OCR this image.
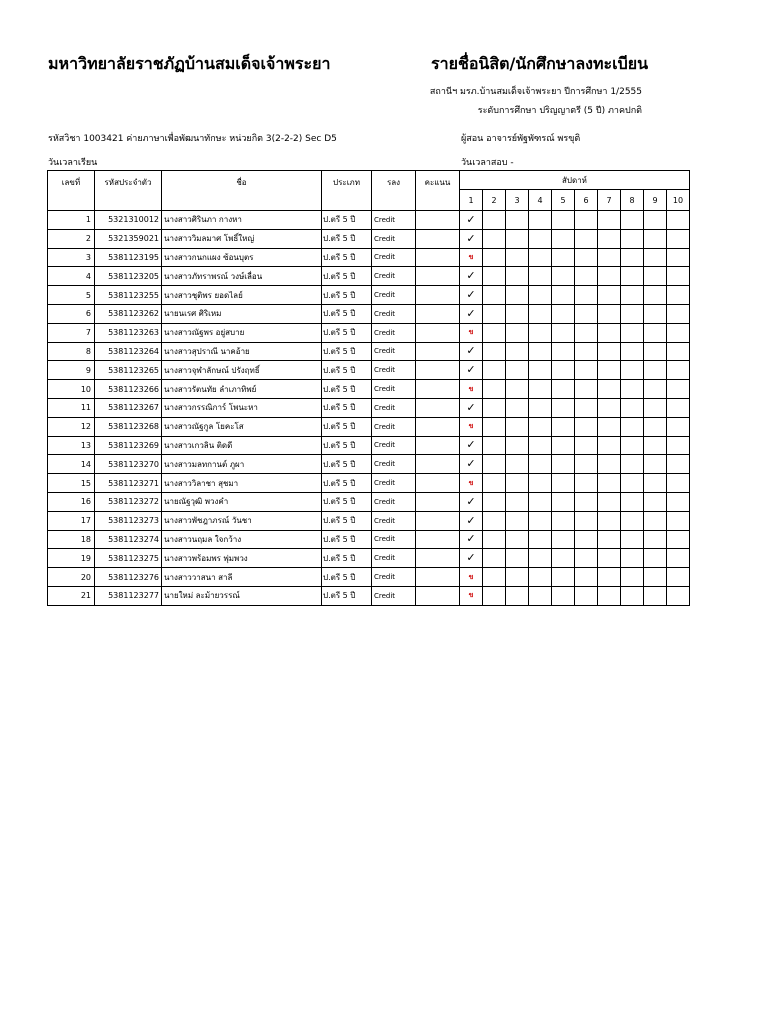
มหาวิทยาลัยราชภัฏบ้านสมเด็จเจ้าพระยา	รายชื่อนิสิต/นักศึกษาลงทะเบียน
สถานีฯ มรภ.บ้านสมเด็จเจ้าพระยา ปีการศึกษา 1/2555
ระดับการศึกษา ปริญญาตรี (5 ปี) ภาคปกติ
รหัสวิชา 1003421 ค่ายภาษาเพื่อพัฒนาทักษะ หน่วยกิต 3(2-2-2) Sec D5	ผู้สอน อาจารย์พัฐพัฑรณ์ พรขุติ
วันเวลาเรียน	วันเวลาสอบ -
เลขที่	รหัสประจำตัว	ชื่อ	ประเภท	รลง	คะแนน	สัปดาห์									
						1	2	3	4	5	6	7	8	9	10
1	5321310012	นางสาวศิรินภา กางหา	ป.ตรี 5 ปี	Credit		✓									
2	5321359021	นางสาววิมลมาศ โพธิ์ใหญ่	ป.ตรี 5 ปี	Credit		✓									
3	5381123195	นางสาวกนกแผง ซ้อนบุตร	ป.ตรี 5 ปี	Credit		ข									
4	5381123205	นางสาวภัทราพรณ์ วงษ์เลื่อน	ป.ตรี 5 ปี	Credit		✓									
5	5381123255	นางสาวชุติพร ยอดไลย์	ป.ตรี 5 ปี	Credit		✓									
6	5381123262	นายนเรศ ศิริเหม	ป.ตรี 5 ปี	Credit		✓									
7	5381123263	นางสาวณัฐพร อยู่สบาย	ป.ตรี 5 ปี	Credit		ข									
8	5381123264	นางสาวสุปราณี นาคอ้าย	ป.ตรี 5 ปี	Credit		✓									
9	5381123265	นางสาวจุฬาลักษณ์ ปรังฤทธิ์	ป.ตรี 5 ปี	Credit		✓									
10	5381123266	นางสาวรัตนทัย ลำเภาทิพย์	ป.ตรี 5 ปี	Credit		ข									
11	5381123267	นางสาวกรรณิการ์ โพนะหา	ป.ตรี 5 ปี	Credit		✓									
12	5381123268	นางสาวณัฐกูล โยคะโส	ป.ตรี 5 ปี	Credit		ข									
13	5381123269	นางสาวเกวลิน ติดดี	ป.ตรี 5 ปี	Credit		✓									
14	5381123270	นางสาวมลทกานต์ ภูผา	ป.ตรี 5 ปี	Credit		✓									
15	5381123271	นางสาววิลาชา สุชมา	ป.ตรี 5 ปี	Credit		ข									
16	5381123272	นายณัฐวุฒิ พวงคำ	ป.ตรี 5 ปี	Credit		✓									
17	5381123273	นางสาวพัชฎาภรณ์ วันชา	ป.ตรี 5 ปี	Credit		✓									
18	5381123274	นางสาวนฤมล ใจกว้าง	ป.ตรี 5 ปี	Credit		✓									
19	5381123275	นางสาวพร้อมพร พุ่มพวง	ป.ตรี 5 ปี	Credit		✓									
20	5381123276	นางสาววาสนา สาลี	ป.ตรี 5 ปี	Credit		ข									
21	5381123277	นายใหม่ ละม้ายวรรณ์	ป.ตรี 5 ปี	Credit		ข									
